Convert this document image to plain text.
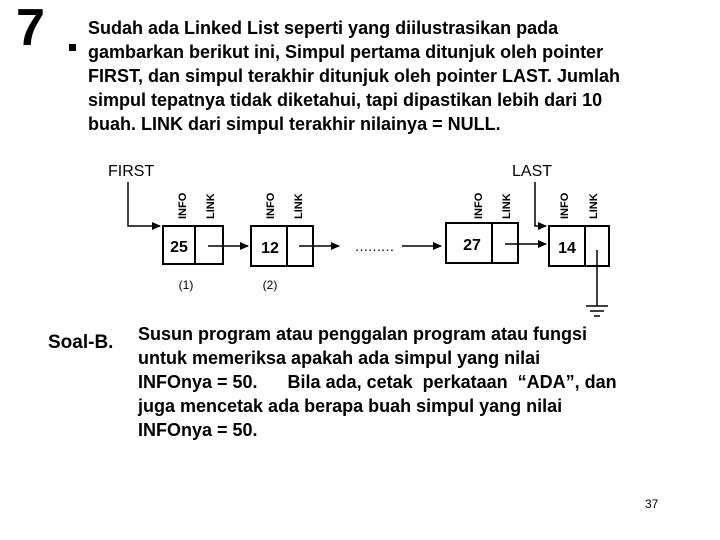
7 Sudah ada Linked List seperti yang diilustrasikan pada
gambarkan berikut ini, Simpul pertama ditunjuk oleh pointer
FIRST, dan simpul terakhir ditunjuk oleh pointer LAST. Jumlah
simpul tepatnya tidak diketahui, tapi dipastikan lebih dari 10
buah. LINK dari simpul terakhir nilainya = NULL.
FIRST	LAST
25
INFO LINK
(1)
12
INFO LINK
(2)
………	27
INFO LINK
14
INFO LINK
Soal-B. Susun program atau penggalan program atau fungsi
untuk memeriksa apakah ada simpul yang nilai
INFOnya = 50.      Bila ada, cetak  perkataan  “ADA”, dan
juga mencetak ada berapa buah simpul yang nilai
INFOnya = 50.
37
